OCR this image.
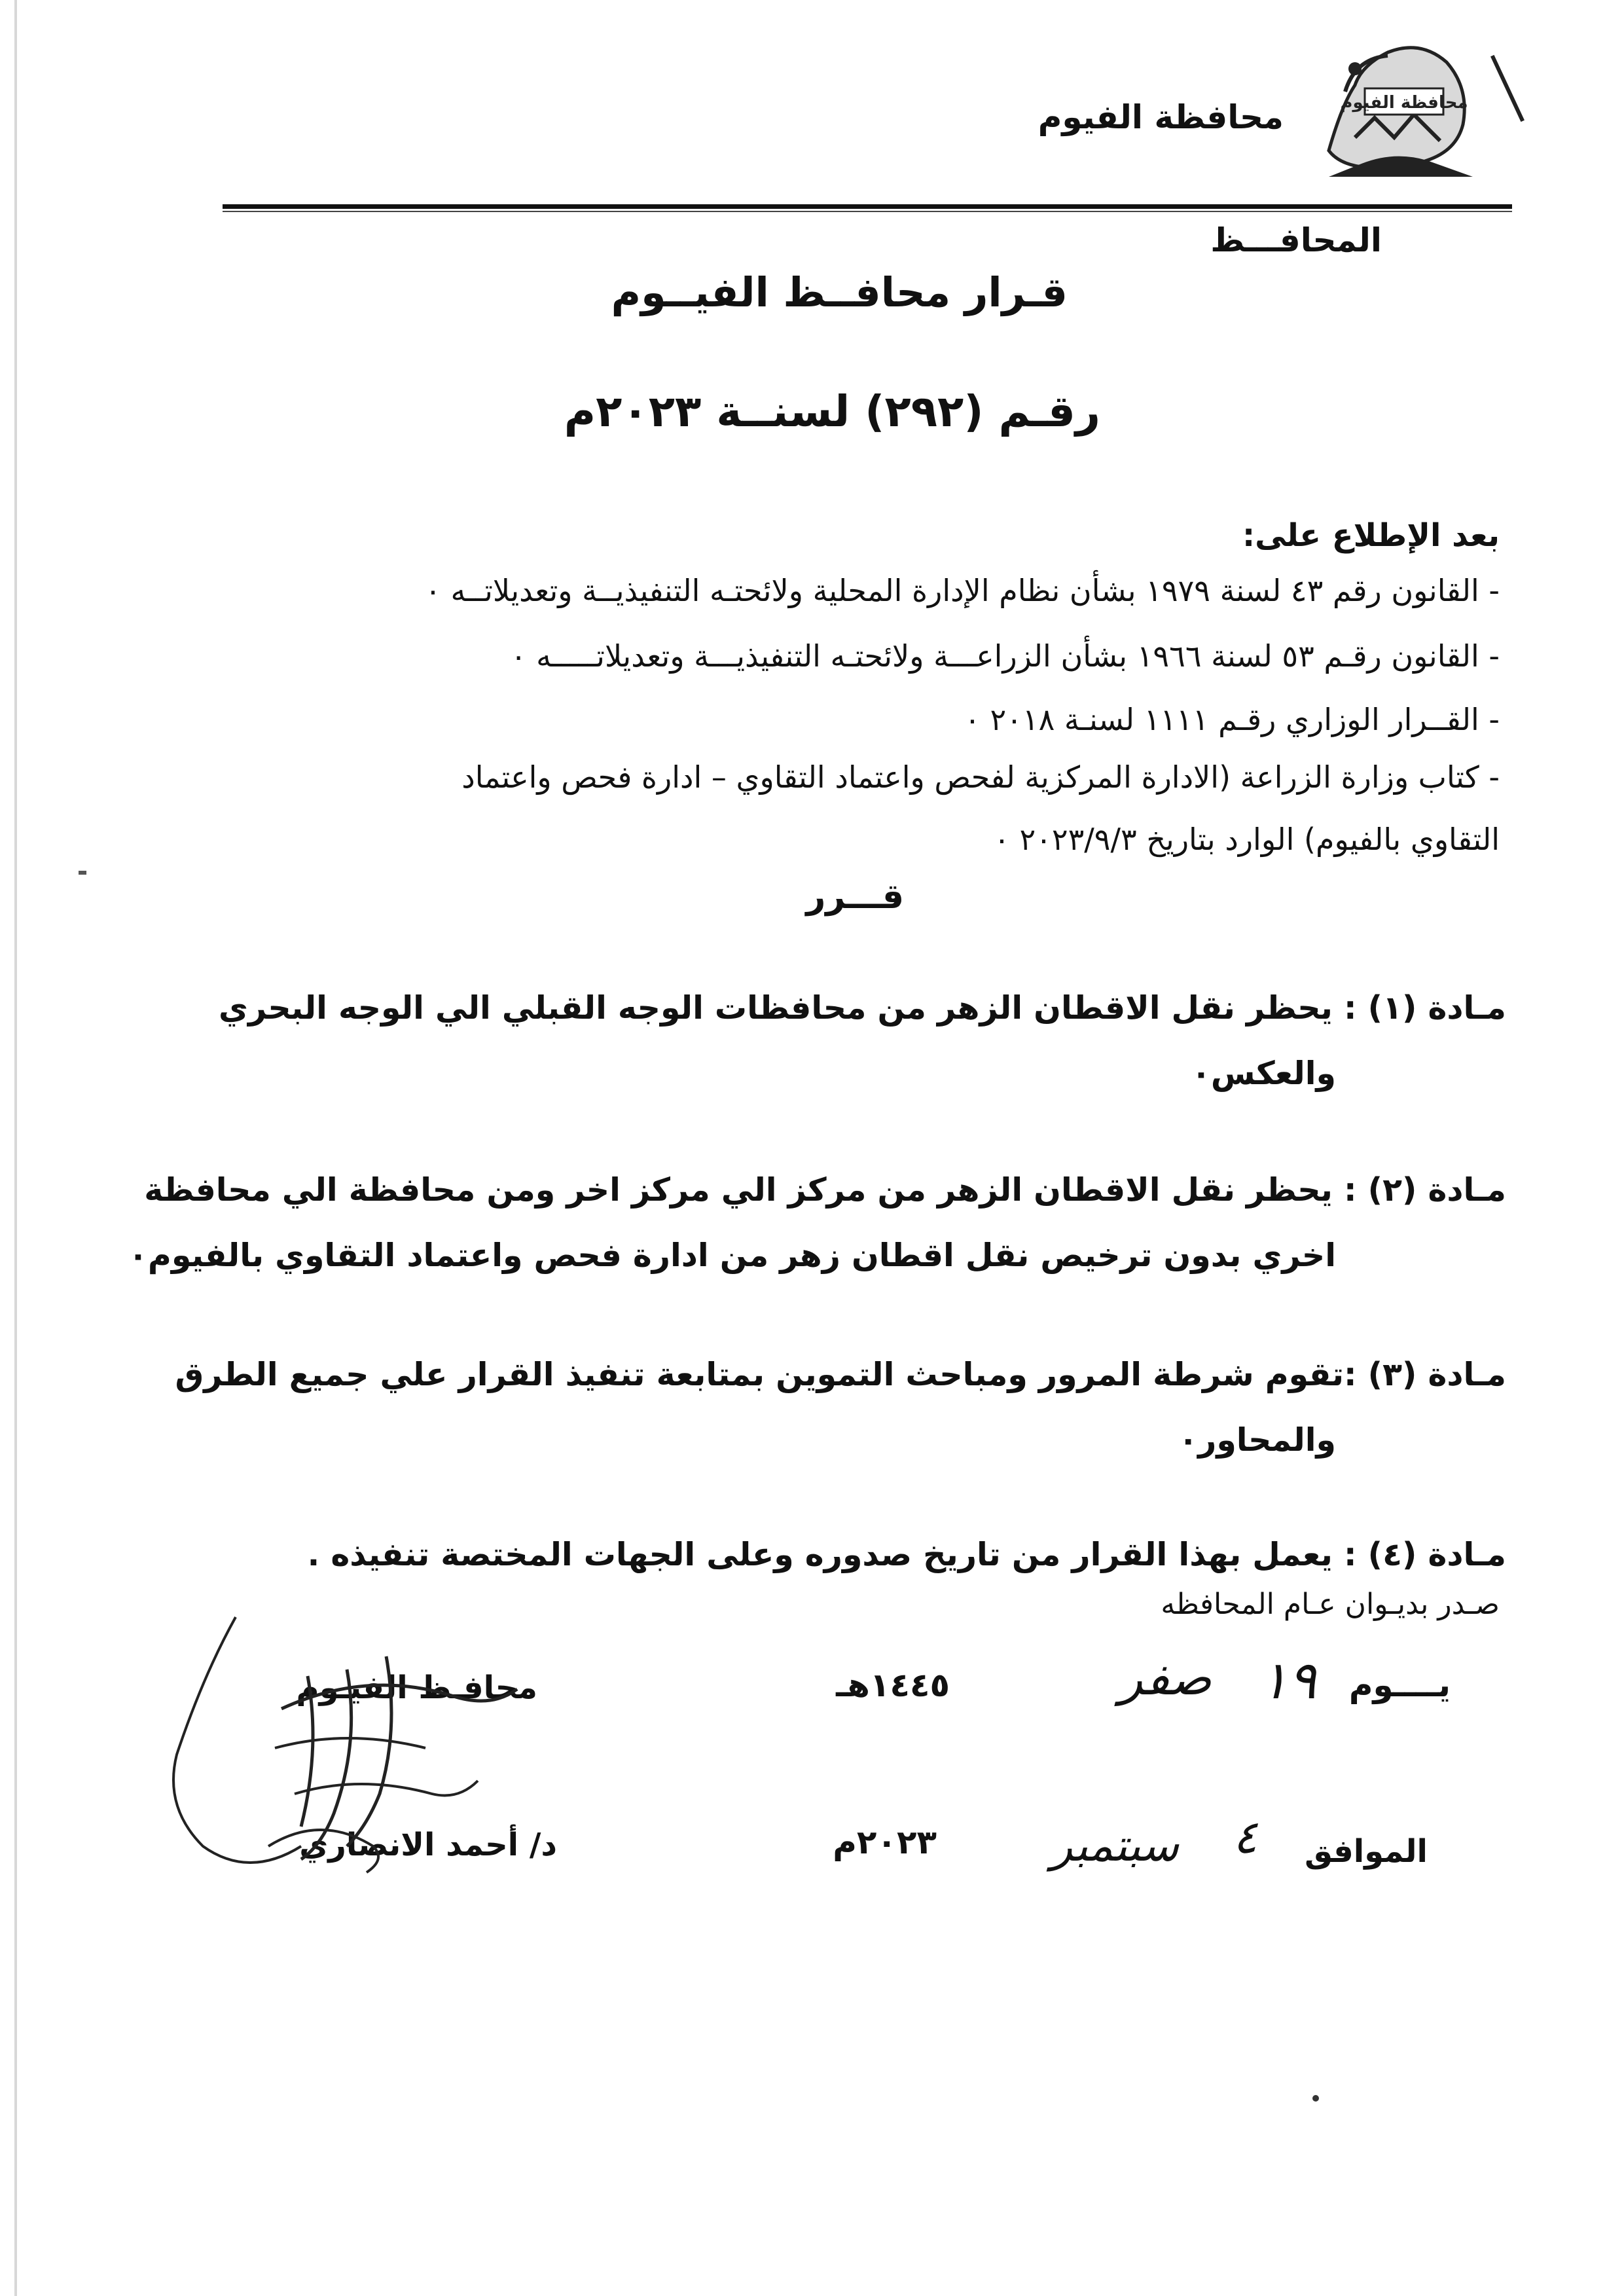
محافظة الفيوم
محافظة الفيوم
المحافـــظ
قـرار محافــظ الفيــوم
رقـم (٢٩٢) لسنــة ٢٠٢٣م
بعد الإطلاع على:
- القانون رقم ٤٣ لسنة ١٩٧٩ بشأن نظام الإدارة المحلية ولائحتـه التنفيذيــة وتعديلاتــه ٠
- القانون رقـم ٥٣ لسنة ١٩٦٦ بشأن الزراعـــة ولائحتـه التنفيذيـــة وتعديلاتـــــه ٠
- القــرار الوزاري رقـم ١١١١ لسنـة ٢٠١٨ ٠
- كتاب وزارة الزراعة (الادارة المركزية لفحص واعتماد التقاوي – ادارة فحص واعتماد
التقاوي بالفيوم) الوارد بتاريخ ٢٠٢٣/٩/٣ ٠
قـــرر
مـادة (١) : يحظر نقل الاقطان الزهر من محافظات الوجه القبلي الي الوجه البحري
والعكس٠
مـادة (٢) : يحظر نقل الاقطان الزهر من مركز الي مركز اخر ومن محافظة الي محافظة
اخري بدون ترخيص نقل اقطان زهر من ادارة فحص واعتماد التقاوي بالفيوم٠
مـادة (٣) :تقوم شرطة المرور ومباحث التموين بمتابعة تنفيذ القرار علي جميع الطرق
والمحاور٠
مـادة (٤) : يعمل بهذا القرار من تاريخ صدوره وعلى الجهات المختصة تنفيذه .
صـدر بديـوان عـام المحافظه
يــــوم
١٩
صفر
١٤٤٥هـ
الموافق
٤
سبتمبر
٢٠٢٣م
محافـظ الفيـوم
د/ أحمد الانصاري
